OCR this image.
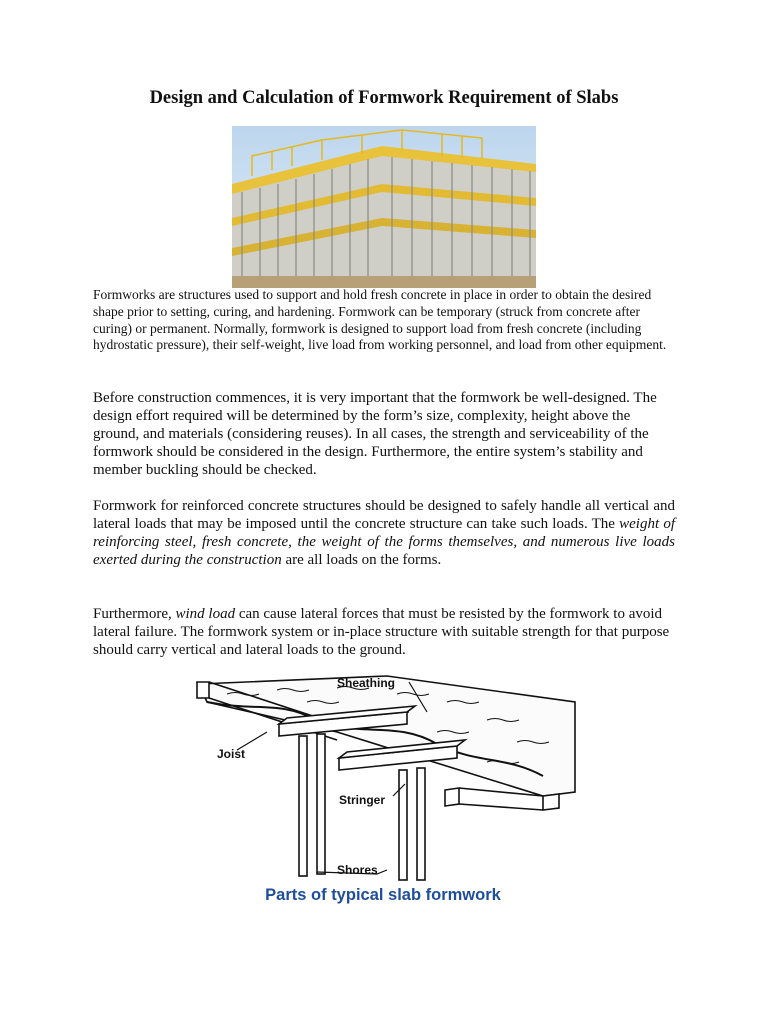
Design and Calculation of Formwork Requirement of Slabs

Formworks are structures used to support and hold fresh concrete in place in order to obtain the desired shape prior to setting, curing, and hardening. Formwork can be temporary (struck from concrete after curing) or permanent. Normally, formwork is designed to support load from fresh concrete (including hydrostatic pressure), their self-weight, live load from working personnel, and load from other equipment.

Before construction commences, it is very important that the formwork be well-designed. The design effort required will be determined by the form’s size, complexity, height above the ground, and materials (considering reuses). In all cases, the strength and serviceability of the formwork should be considered in the design. Furthermore, the entire system’s stability and member buckling should be checked.

Formwork for reinforced concrete structures should be designed to safely handle all vertical and lateral loads that may be imposed until the concrete structure can take such loads. The weight of reinforcing steel, fresh concrete, the weight of the forms themselves, and numerous live loads exerted during the construction are all loads on the forms.

Furthermore, wind load can cause lateral forces that must be resisted by the formwork to avoid lateral failure. The formwork system or in-place structure with suitable strength for that purpose should carry vertical and lateral loads to the ground.

Sheathing
Joist
Stringer
Shores
Parts of typical slab formwork
